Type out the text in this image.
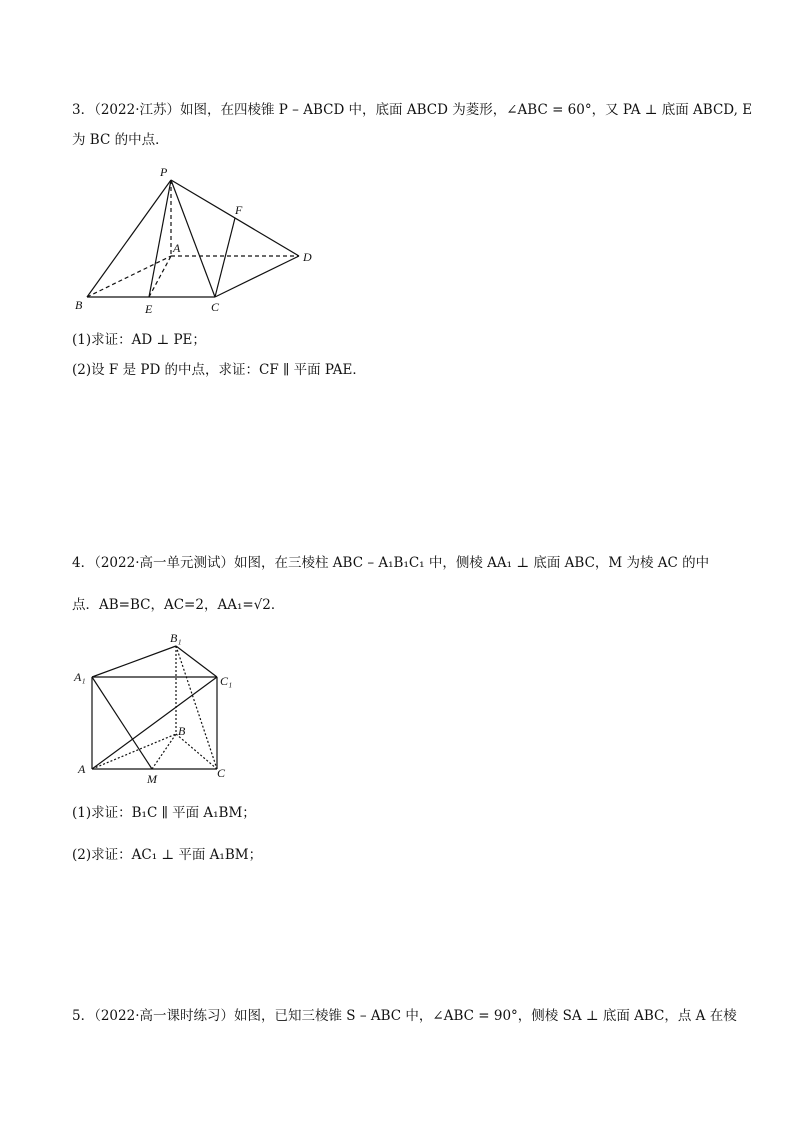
3．（2022·江苏）如图，在四棱锥 P – ABCD 中，底面 ABCD 为菱形，∠ABC = 60°，又 PA ⊥ 底面 ABCD, E
为 BC 的中点．
P
F
A
D
B	E	C
(1)求证：AD ⊥ PE；
(2)设 F 是 PD 的中点，求证：CF ∥ 平面 PAE．
4．（2022·高一单元测试）如图，在三棱柱 ABC – A₁B₁C₁ 中，侧棱 AA₁ ⊥ 底面 ABC，M 为棱 AC 的中
点．AB=BC，AC=2，AA₁=√2．
B₁
A₁	C₁
B
A
M	C
(1)求证：B₁C ∥ 平面 A₁BM；
(2)求证：AC₁ ⊥ 平面 A₁BM；
5．（2022·高一课时练习）如图，已知三棱锥 S – ABC 中，∠ABC = 90°，侧棱 SA ⊥ 底面 ABC，点 A 在棱
